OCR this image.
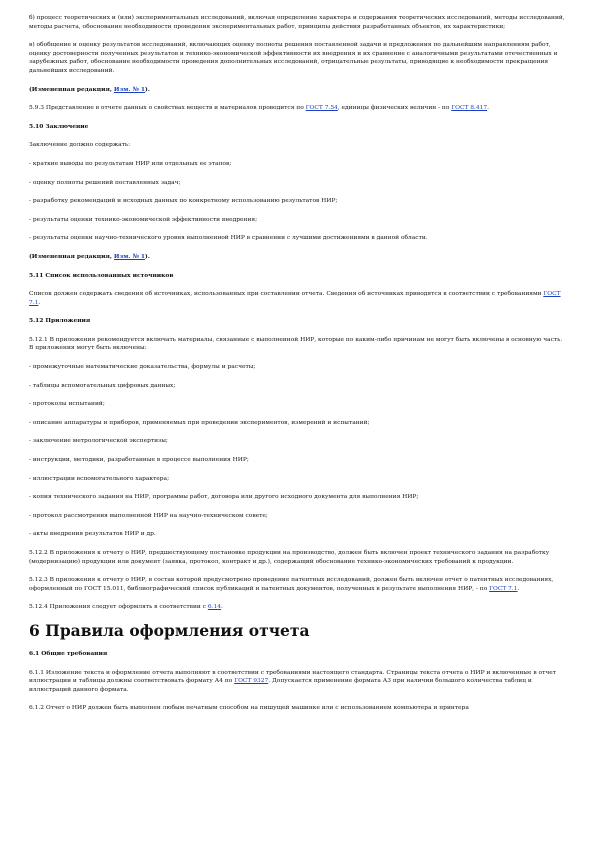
б) процесс теоретических и (или) экспериментальных исследований, включая определение характера и содержания теоретических исследований, методы исследований, методы расчета, обоснование необходимости проведения экспериментальных работ, принципы действия разработанных объектов, их характеристики;

в) обобщение и оценку результатов исследований, включающих оценку полноты решения поставленной задачи и предложения по дальнейшим направлениям работ, оценку достоверности полученных результатов и технико-экономической эффективности их внедрения и их сравнение с аналогичными результатами отечественных и зарубежных работ, обоснование необходимости проведения дополнительных исследований, отрицательные результаты, приводящие к необходимости прекращения дальнейших исследований.

(Измененная редакция, Изм. № 1).

5.9.3 Представление в отчете данных о свойствах веществ и материалов проводится по ГОСТ 7.54, единицы физических величин - по ГОСТ 8.417.

5.10 Заключение

Заключение должно содержать:

- краткие выводы по результатам НИР или отдельных ее этапов;

- оценку полноты решений поставленных задач;

- разработку рекомендаций и исходных данных по конкретному использованию результатов НИР;

- результаты оценки технико-экономической эффективности внедрения;

- результаты оценки научно-технического уровня выполненной НИР в сравнении с лучшими достижениями в данной области.

(Измененная редакция, Изм. № 1).

5.11 Список использованных источников

Список должен содержать сведения об источниках, использованных при составлении отчета. Сведения об источниках приводятся в соответствии с требованиями ГОСТ 7.1.

5.12 Приложения

5.12.1 В приложения рекомендуется включать материалы, связанные с выполненной НИР, которые по каким-либо причинам не могут быть включены в основную часть. В приложения могут быть включены:

- промежуточные математические доказательства, формулы и расчеты;

- таблицы вспомогательных цифровых данных;

- протоколы испытаний;

- описание аппаратуры и приборов, применяемых при проведении экспериментов, измерений и испытаний;

- заключение метрологической экспертизы;

- инструкции, методики, разработанные в процессе выполнения НИР;

- иллюстрации вспомогательного характера;

- копия технического задания на НИР, программы работ, договора или другого исходного документа для выполнения НИР;

- протокол рассмотрения выполненной НИР на научно-техническом совете;

- акты внедрения результатов НИР и др.

5.12.2 В приложения к отчету о НИР, предшествующему постановке продукции на производство, должен быть включен проект технического задания на разработку (модернизацию) продукции или документ (заявка, протокол, контракт и др.), содержащий обоснование технико-экономических требований к продукции.

5.12.3 В приложения к отчету о НИР, в состав которой предусмотрено проведение патентных исследований, должен быть включен отчет о патентных исследованиях, оформленный по ГОСТ 15.011, библиографический список публикаций и патентных документов, полученных в результате выполнения НИР, - по ГОСТ 7.1.

5.12.4 Приложения следует оформлять в соответствии с 6.14.

6 Правила оформления отчета

6.1 Общие требования

6.1.1 Изложение текста и оформление отчета выполняют в соответствии с требованиями настоящего стандарта. Страницы текста отчета о НИР и включенные в отчет иллюстрации и таблицы должны соответствовать формату А4 по ГОСТ 9327. Допускается применение формата А3 при наличии большого количества таблиц и иллюстраций данного формата.

6.1.2 Отчет о НИР должен быть выполнен любым печатным способом на пишущей машинке или с использованием компьютера и принтера
